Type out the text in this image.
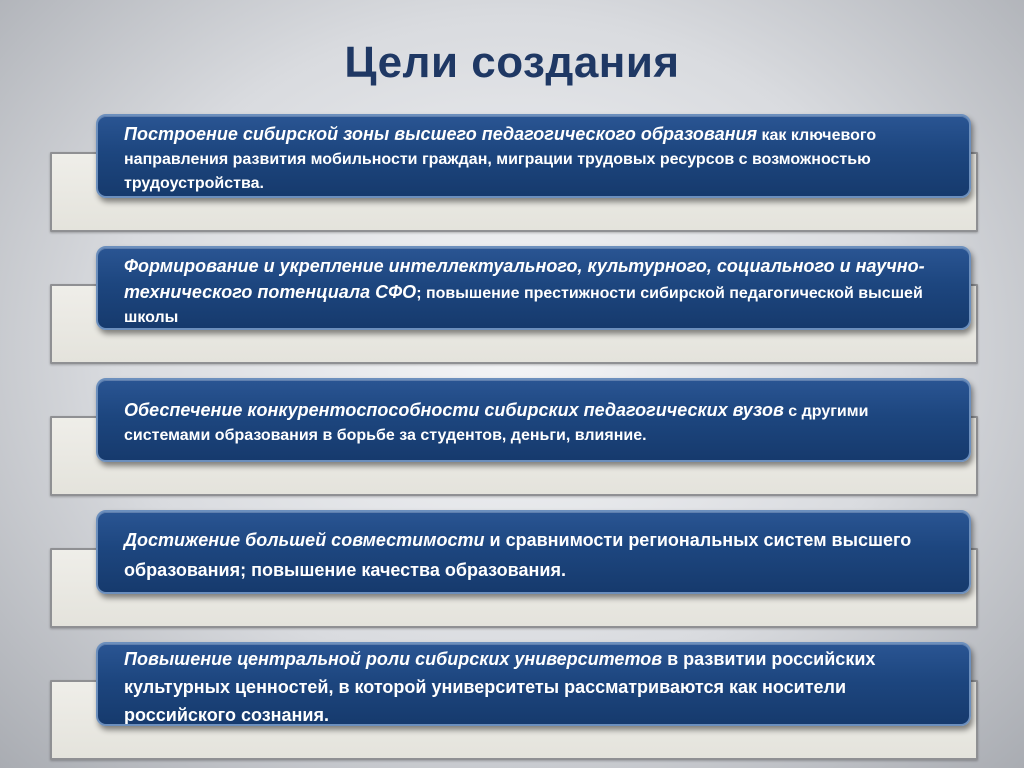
Цели создания
Построение сибирской зоны высшего педагогического образования как ключевого направления развития мобильности граждан, миграции трудовых ресурсов с возможностью трудоустройства.
Формирование и укрепление интеллектуального, культурного, социального и научно-технического потенциала СФО; повышение престижности сибирской педагогической высшей школы
Обеспечение конкурентоспособности сибирских педагогических вузов с другими системами образования в борьбе за студентов, деньги, влияние.
Достижение большей совместимости и сравнимости региональных систем высшего образования; повышение качества образования.
Повышение центральной роли сибирских университетов в развитии российских культурных ценностей, в которой университеты рассматриваются как носители российского сознания.
